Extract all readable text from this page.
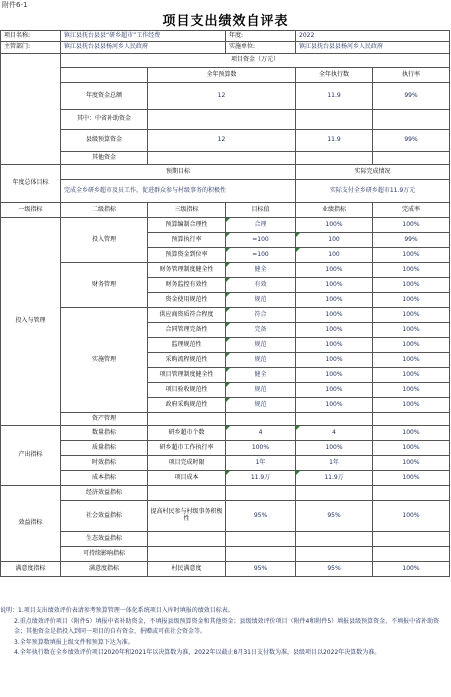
附件6-1
项目支出绩效自评表
项目名称:	镇江县抚台县县“研乡超市”工作经费		年度:	2022	
主管部门:	镇江县抚台县县杨河乡人民政府		实施单位:	镇江县抚台县县杨河乡人民政府	
	项目资金（万元）				
		全年预算数		全年执行数	执行率
	年度资金总额	12		11.9	99%
	其中：中省补助资金				
	县级预算资金	12		11.9	99%
	其他资金				
年度总体目标	预期目标			实际完成情况	
	完成全乡研乡超市及员工作，促进群众参与村级事务的积极性			实际支付全乡研乡超市11.9万元	
一级指标	二级指标	三级指标	目标值	业绩指标	完成率
投入与管理	投入管理	预算编制合理性	合理	100%	100%
		预算执行率	=100	100	99%
		预算资金到位率	=100	100	100%
	财务管理	财务管理制度健全性	健全	100%	100%
		财务监控有效性	有效	100%	100%
		资金使用规范性	规范	100%	100%
	实施管理	供应商资质符合程度	符合	100%	100%
		合同管理完备性	完备	100%	100%
		监理规范性	规范	100%	100%
		采购流程规范性	规范	100%	100%
		项目管理制度健全性	健全	100%	100%
		项目验收规范性	规范	100%	100%
		政府采购规范性	规范	100%	100%
	资产管理				
产出指标	数量指标	研乡超市个数	4	4	100%
	质量指标	研乡超市工作执行率	100%	100%	100%
	时效指标	项目完成时限	1年	1年	100%
	成本指标	项目成本	11.9万	11.9万	100%
效益指标	经济效益指标				
	社会效益指标	提高村民参与村级事务积极性	95%	95%	100%
	生态效益指标				
	可持续影响指标				
满意度指标	满意度指标	村民满意度	95%	95%	100%
说明：1.项目支出绩效评价表请参考预算管理一体化系统项目入库时填报的绩效目标表。
2.重点绩效评价项目（附件5）填报中省补助资金，不填报县级预算资金和其他资金；县级绩效评价项目（附件4和附件5）填报县级预算资金，不填报中省补助资金；其他资金是指投入到同一项目的自有资金、捐赠或可获社会资金等。
3.全年预算数填报上级文件和预算下达为准。
4.全年执行数在全乡绩效评价项目2020年和2021年以决算数为准，2022年以截止8月31日支付数为准，县级项目以2022年决算数为准。
